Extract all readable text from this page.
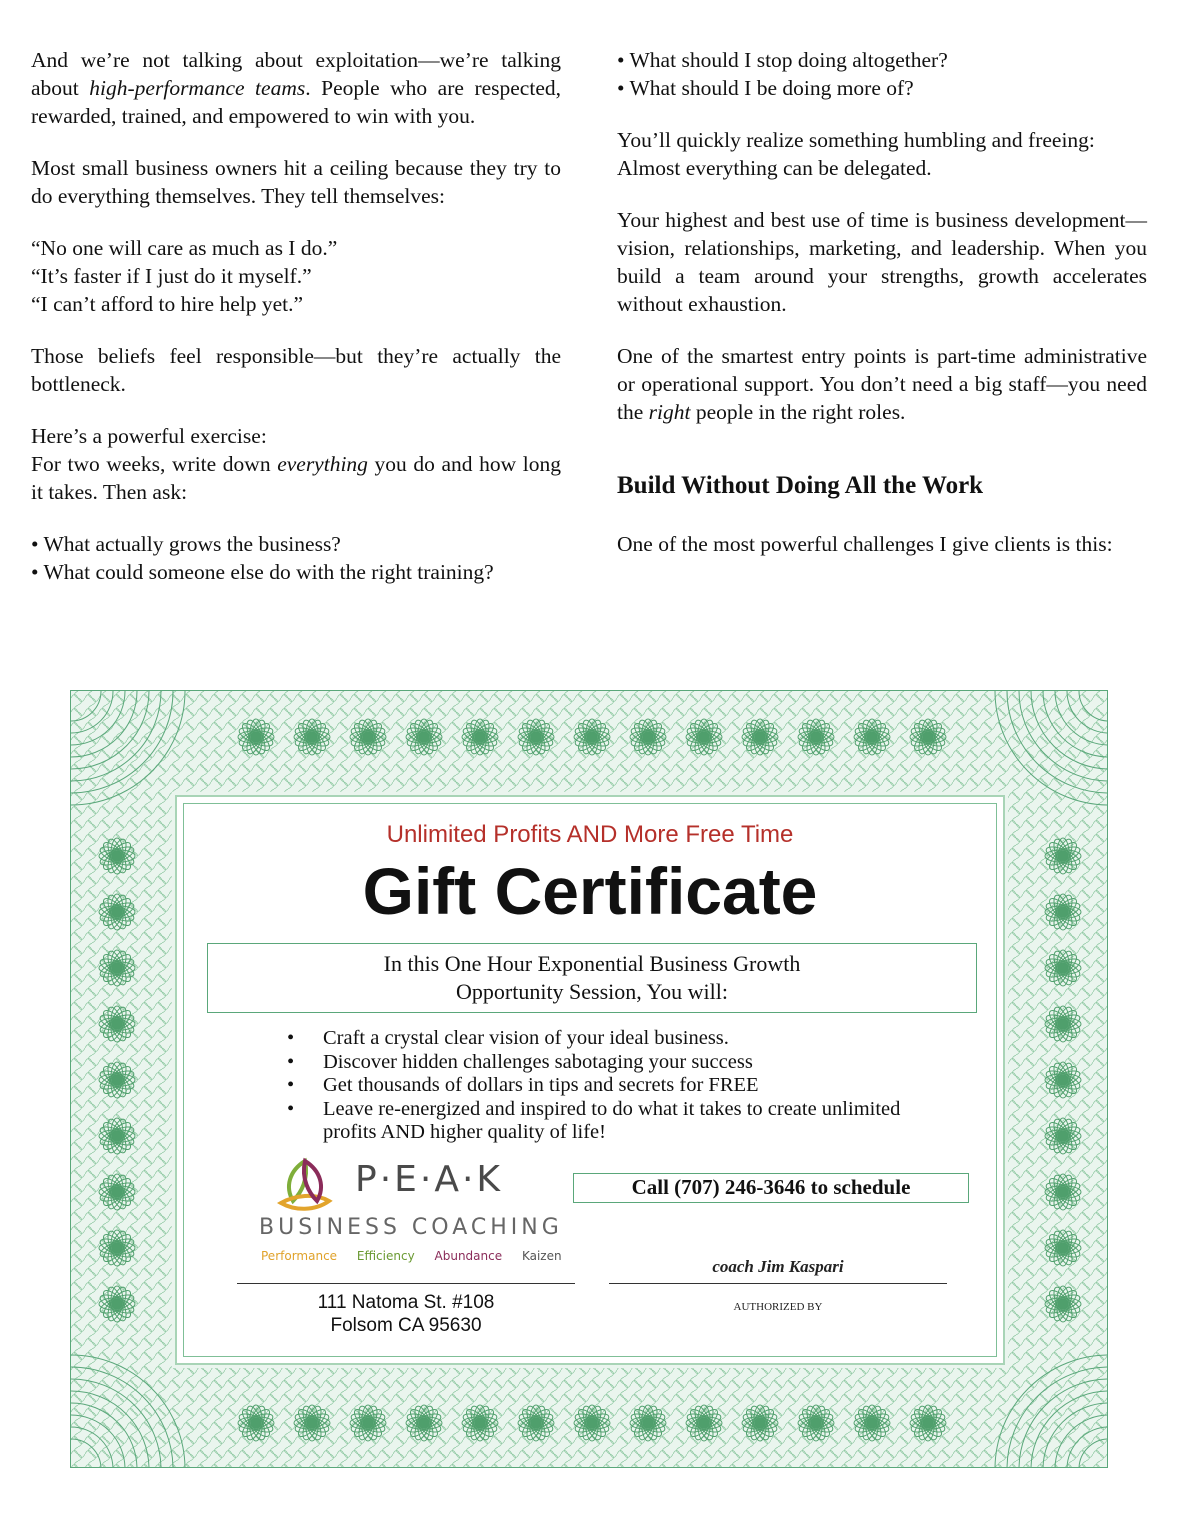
And we’re not talking about exploitation—we’re talking about high-performance teams. People who are respected, rewarded, trained, and empowered to win with you.

Most small business owners hit a ceiling because they try to do everything themselves. They tell themselves:

“No one will care as much as I do.”

“It’s faster if I just do it myself.”

“I can’t afford to hire help yet.”

Those beliefs feel responsible—but they’re actually the bottleneck.

Here’s a powerful exercise:

For two weeks, write down everything you do and how long it takes. Then ask:

• What actually grows the business?

• What could someone else do with the right training?

• What should I stop doing altogether?

• What should I be doing more of?

You’ll quickly realize something humbling and freeing:

Almost everything can be delegated.

Your highest and best use of time is business development—vision, relationships, marketing, and leadership. When you build a team around your strengths, growth accelerates without exhaustion.

One of the smartest entry points is part-time administrative or operational support. You don’t need a big staff—you need the right people in the right roles.

Build Without Doing All the Work

One of the most powerful challenges I give clients is this:

Unlimited Profits AND More Free Time
Gift Certificate
In this One Hour Exponential Business Growth
Opportunity Session, You will:
• Craft a crystal clear vision of your ideal business.
• Discover hidden challenges sabotaging your success
• Get thousands of dollars in tips and secrets for FREE
• Leave re-energized and inspired to do what it takes to create unlimited profits AND higher quality of life!
P·E·A·K
BUSINESS COACHING
Performance Efficiency Abundance Kaizen
Call (707) 246-3646 to schedule
coach Jim Kaspari
111 Natoma St. #108
Folsom CA 95630
AUTHORIZED BY
